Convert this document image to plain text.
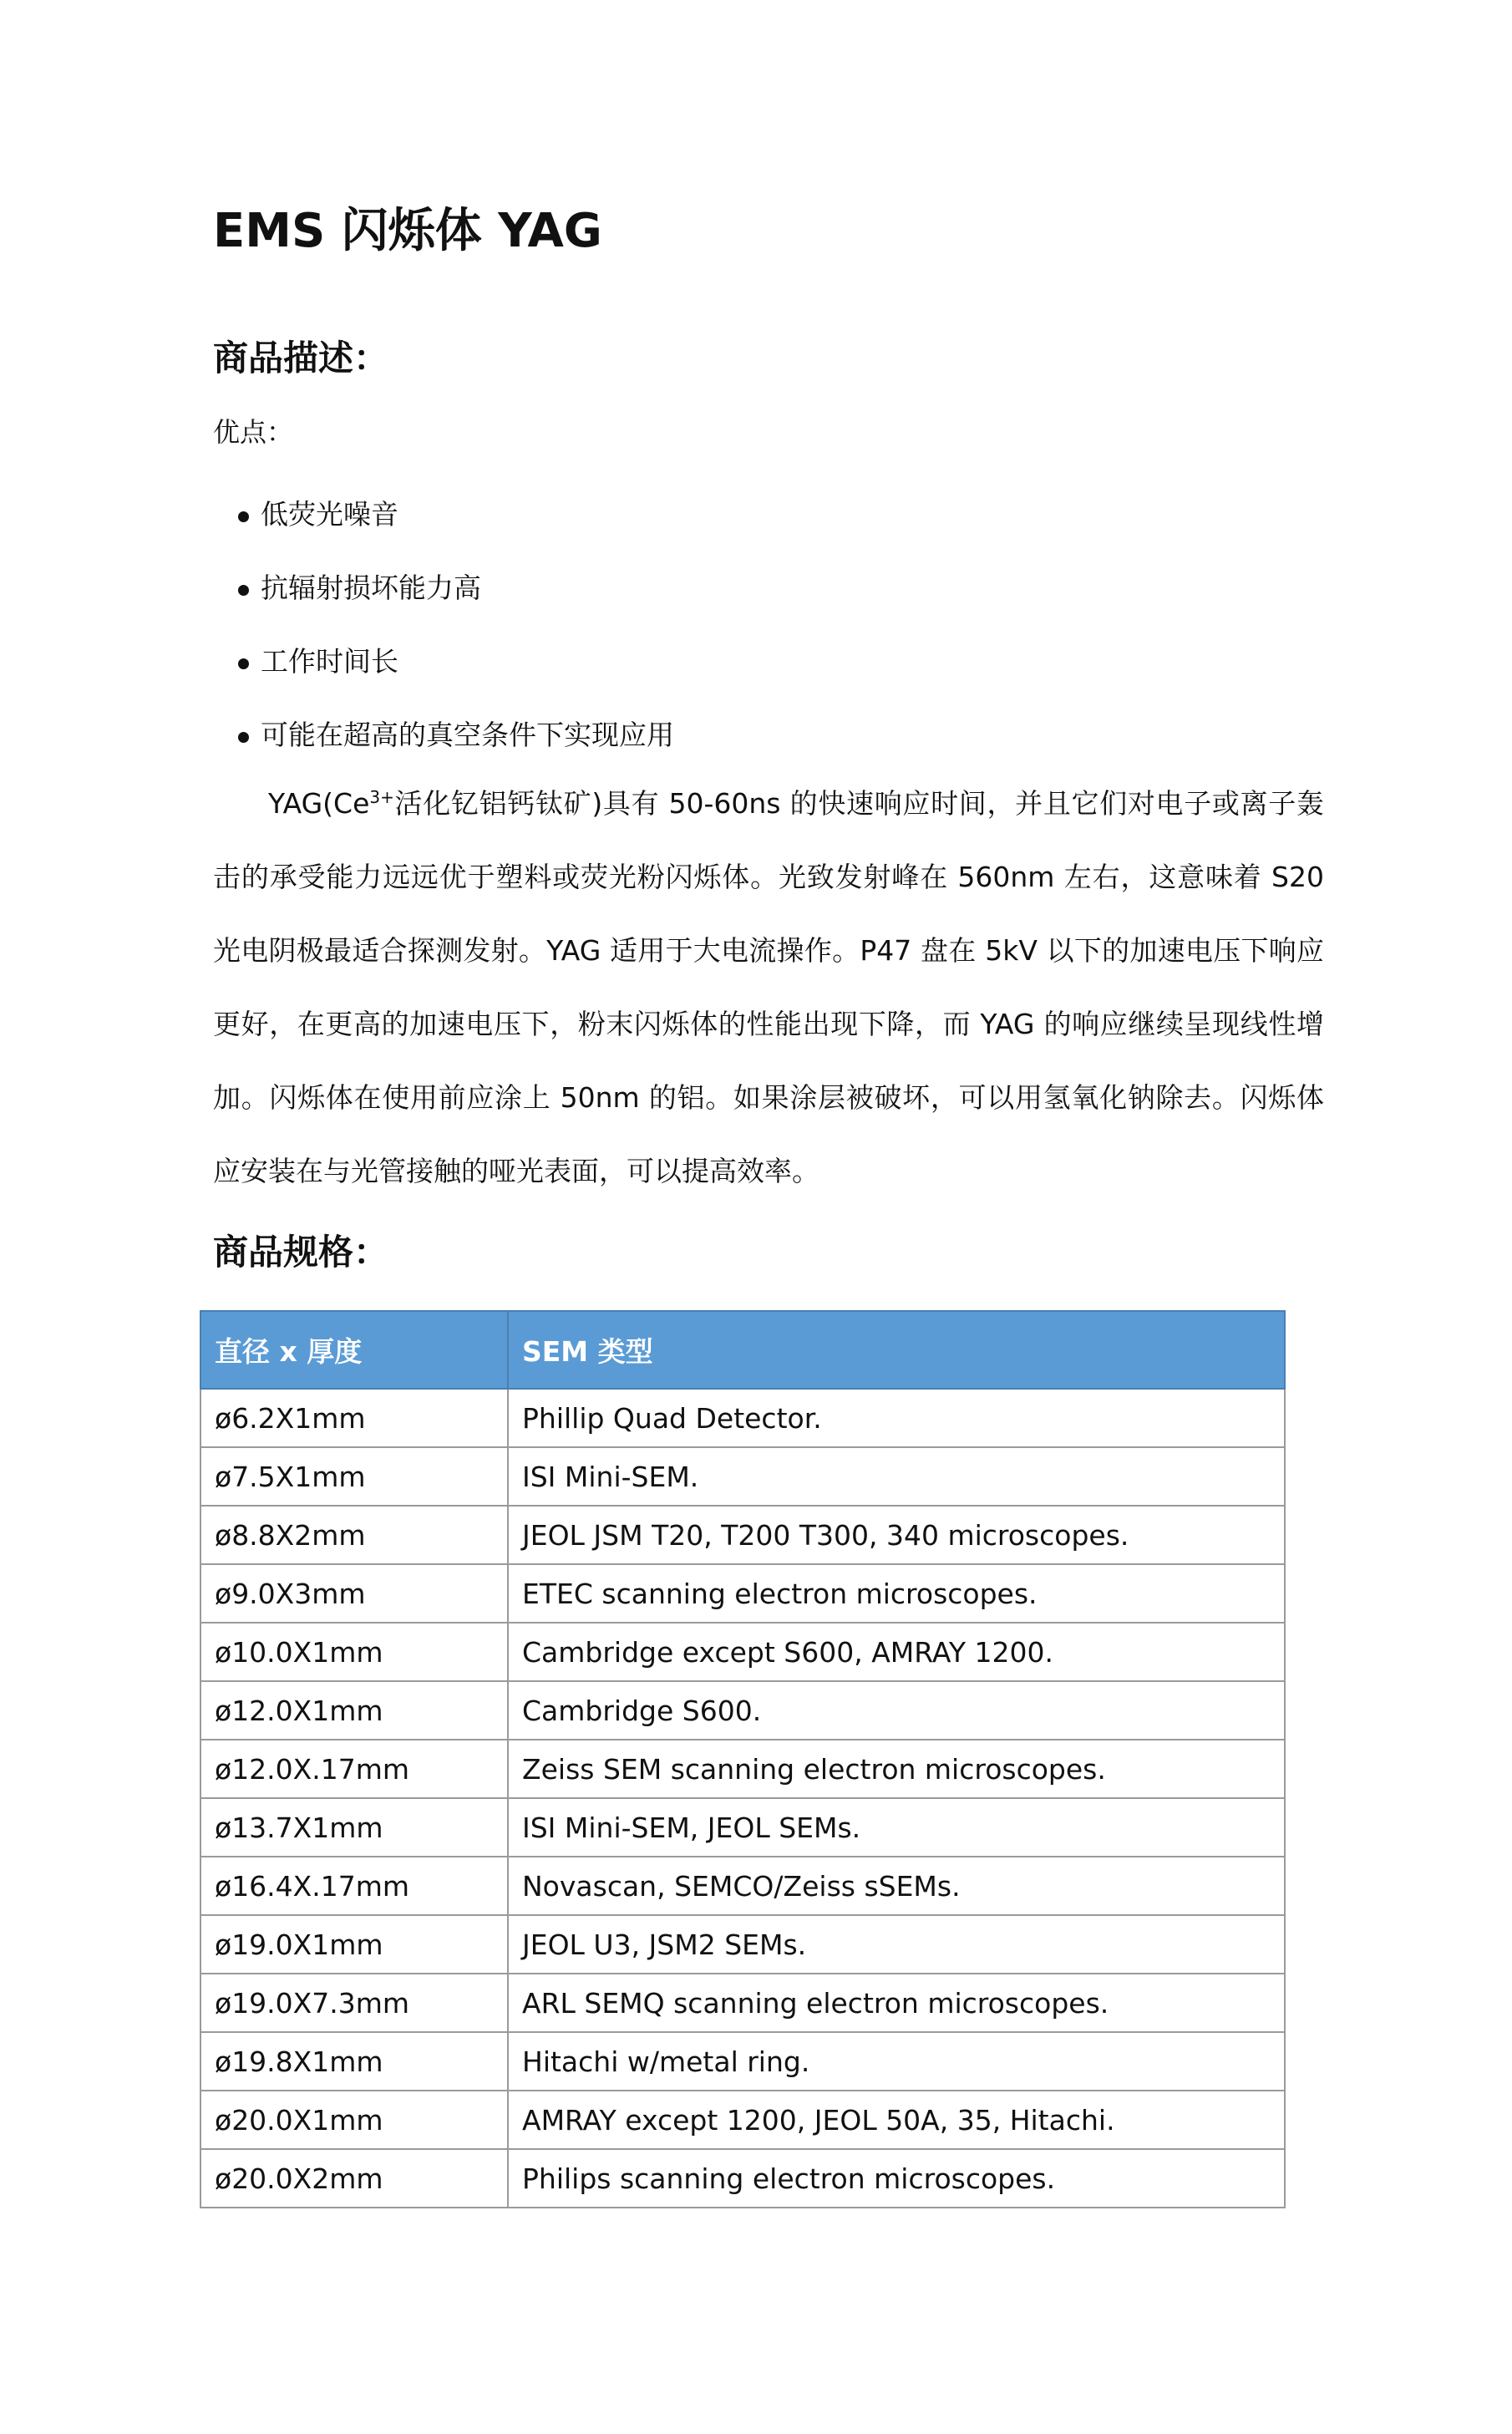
EMS 闪烁体 YAG
商品描述：

优点：

低荧光噪音
抗辐射损坏能力高
工作时间长
可能在超高的真空条件下实现应用

$YAG(Ce^{3+}$活化钇铝钙钛矿)具有 50-60ns 的快速响应时间，并且它们对电子或离子轰击的承受能力远远优于塑料或荧光粉闪烁体。光致发射峰在 560nm 左右，这意味着 S20 光电阴极最适合探测发射。YAG 适用于大电流操作。P47 盘在 5kV 以下的加速电压下响应更好，在更高的加速电压下，粉末闪烁体的性能出现下降，而 YAG 的响应继续呈现线性增加。闪烁体在使用前应涂上 50nm 的铝。如果涂层被破坏，可以用氢氧化钠除去。闪烁体应安装在与光管接触的哑光表面，可以提高效率。

商品规格：
直径 x 厚度	SEM 类型
ø6.2X1mm	Phillip Quad Detector.
ø7.5X1mm	ISI Mini-SEM.
ø8.8X2mm	JEOL JSM T20, T200 T300, 340 microscopes.
ø9.0X3mm	ETEC scanning electron microscopes.
ø10.0X1mm	Cambridge except S600, AMRAY 1200.
ø12.0X1mm	Cambridge S600.
ø12.0X.17mm	Zeiss SEM scanning electron microscopes.
ø13.7X1mm	ISI Mini-SEM, JEOL SEMs.
ø16.4X.17mm	Novascan, SEMCO/Zeiss sSEMs.
ø19.0X1mm	JEOL U3, JSM2 SEMs.
ø19.0X7.3mm	ARL SEMQ scanning electron microscopes.
ø19.8X1mm	Hitachi w/metal ring.
ø20.0X1mm	AMRAY except 1200, JEOL 50A, 35, Hitachi.
ø20.0X2mm	Philips scanning electron microscopes.
